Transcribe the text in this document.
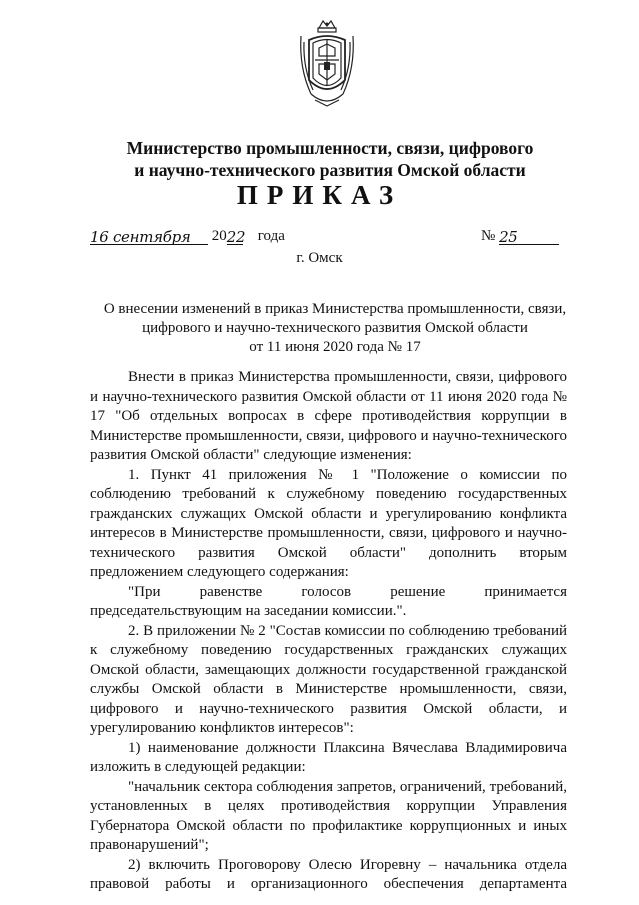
Министерство промышленности, связи, цифрового
и научно-технического развития Омской области
ПРИКАЗ
16 сентября 2022 года	№ 25
г. Омск
О внесении изменений в приказ Министерства промышленности, связи,
цифрового и научно-технического развития Омской области
от 11 июня 2020 года № 17

Внести в приказ Министерства промышленности, связи, цифрового и научно-технического развития Омской области от 11 июня 2020 года № 17 "Об отдельных вопросах в сфере противодействия коррупции в Министерстве промышленности, связи, цифрового и научно-технического развития Омской области" следующие изменения:

1. Пункт 41 приложения № 1 "Положение о комиссии по соблюдению требований к служебному поведению государственных гражданских служащих Омской области и урегулированию конфликта интересов в Министерстве промышленности, связи, цифрового и научно-технического развития Омской области" дополнить вторым предложением следующего содержания:

"При равенстве голосов решение принимается председательствующим на заседании комиссии.".

2. В приложении № 2 "Состав комиссии по соблюдению требований к служебному поведению государственных гражданских служащих Омской области, замещающих должности государственной гражданской службы Омской области в Министерстве нромышленности, связи, цифрового и научно-технического развития Омской области, и урегулированию конфликтов интересов":

1) наименование должности Плаксина Вячеслава Владимировича изложить в следующей редакции:

"начальник сектора соблюдения запретов, ограничений, требований, установленных в целях противодействия коррупции Управления Губернатора Омской области по профилактике коррупционных и иных правонарушений";

2) включить Проговорову Олесю Игоревну – начальника отдела правовой работы и организационного обеспечения департамента
